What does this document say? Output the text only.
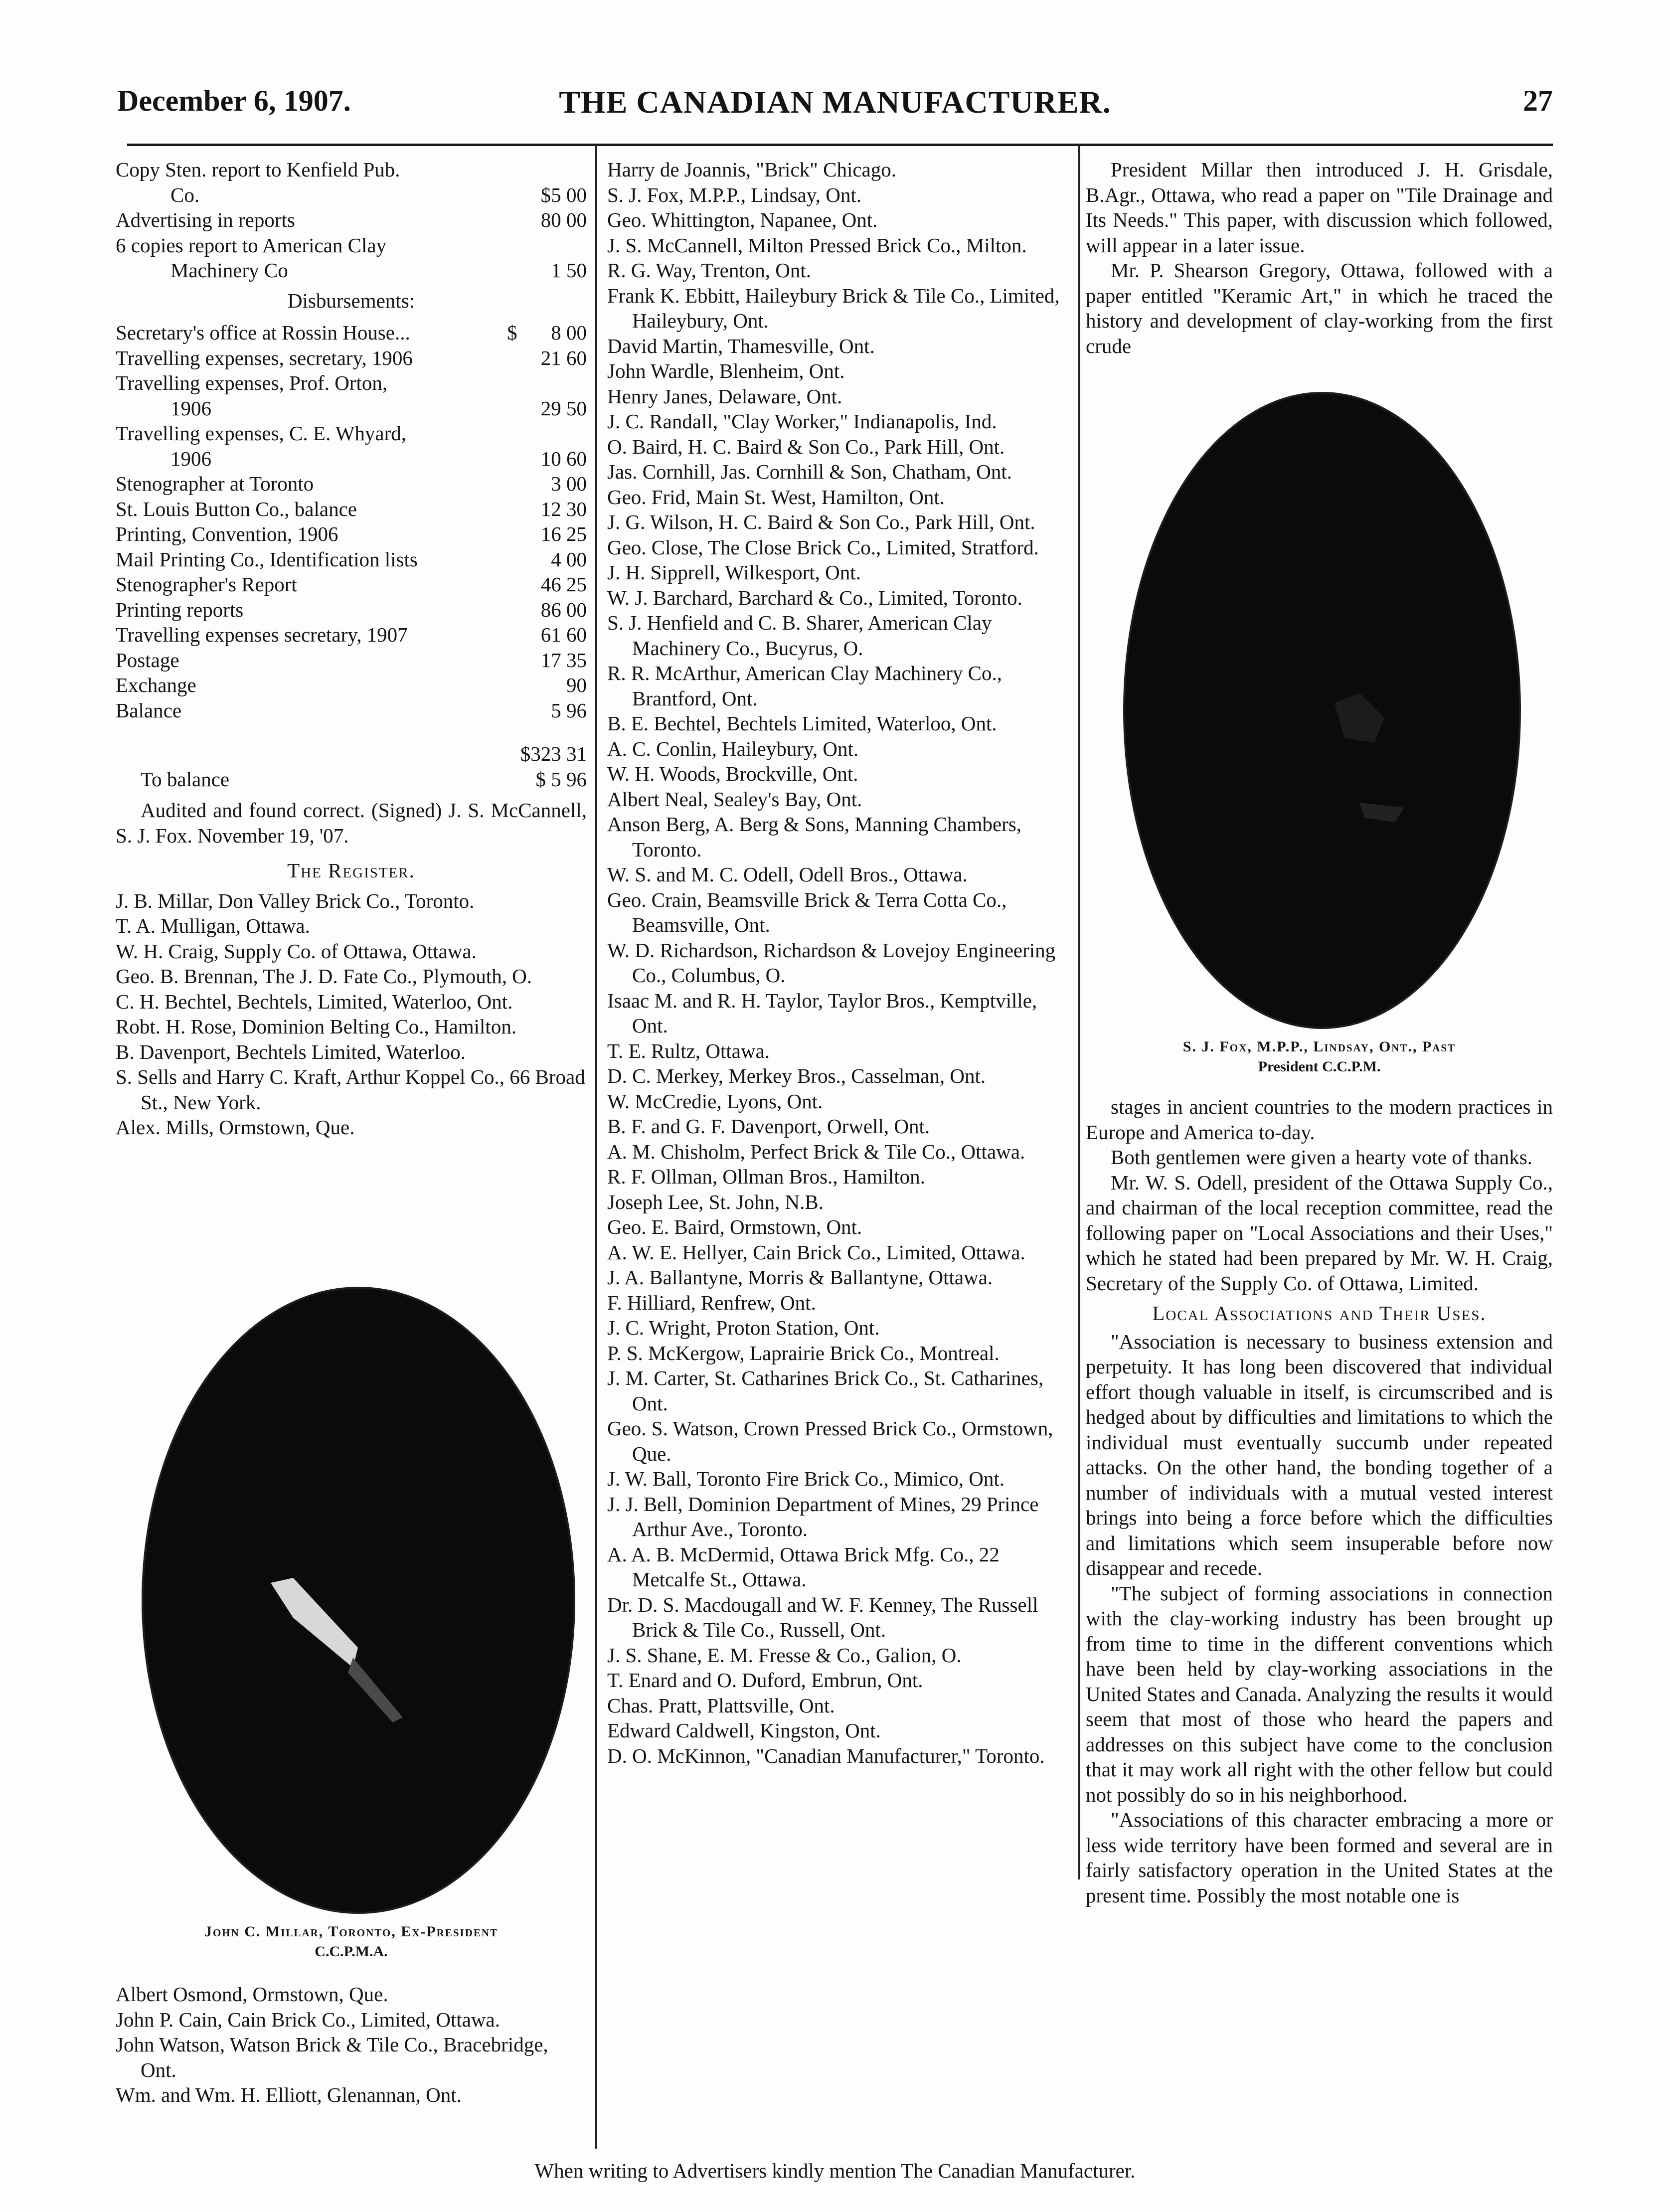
December 6, 1907.	THE CANADIAN MANUFACTURER.	27
Copy Sten. report to Kenfield Pub.
Co.	$5 00
Advertising in reports	80 00
6 copies report to American Clay
Machinery Co	1 50

Disbursements:

Secretary's office at Rossin House...	$	8 00
Travelling expenses, secretary, 1906	21 60
Travelling expenses, Prof. Orton,
1906	29 50
Travelling expenses, C. E. Whyard,
1906	10 60
Stenographer at Toronto	3 00
St. Louis Button Co., balance	12 30
Printing, Convention, 1906	16 25
Mail Printing Co., Identification lists	4 00
Stenographer's Report	46 25
Printing reports	86 00
Travelling expenses secretary, 1907	61 60
Postage	17 35
Exchange	90
Balance	5 96
$323 31
To balance	$ 5 96

Audited and found correct. (Signed) J. S. McCannell, S. J. Fox. November 19, '07.

The Register.

J. B. Millar, Don Valley Brick Co., Toronto.

T. A. Mulligan, Ottawa.

W. H. Craig, Supply Co. of Ottawa, Ottawa.

Geo. B. Brennan, The J. D. Fate Co., Plymouth, O.

C. H. Bechtel, Bechtels, Limited, Waterloo, Ont.

Robt. H. Rose, Dominion Belting Co., Hamilton.

B. Davenport, Bechtels Limited, Waterloo.

S. Sells and Harry C. Kraft, Arthur Koppel Co., 66 Broad St., New York.

Alex. Mills, Ormstown, Que.

John C. Millar, Toronto, Ex-President
C.C.P.M.A.

Albert Osmond, Ormstown, Que.

John P. Cain, Cain Brick Co., Limited, Ottawa.

John Watson, Watson Brick & Tile Co., Bracebridge, Ont.

Wm. and Wm. H. Elliott, Glenannan, Ont.

Harry de Joannis, "Brick" Chicago.

S. J. Fox, M.P.P., Lindsay, Ont.

Geo. Whittington, Napanee, Ont.

J. S. McCannell, Milton Pressed Brick Co., Milton.

R. G. Way, Trenton, Ont.

Frank K. Ebbitt, Haileybury Brick & Tile Co., Limited, Haileybury, Ont.

David Martin, Thamesville, Ont.

John Wardle, Blenheim, Ont.

Henry Janes, Delaware, Ont.

J. C. Randall, "Clay Worker," Indianapolis, Ind.

O. Baird, H. C. Baird & Son Co., Park Hill, Ont.

Jas. Cornhill, Jas. Cornhill & Son, Chatham, Ont.

Geo. Frid, Main St. West, Hamilton, Ont.

J. G. Wilson, H. C. Baird & Son Co., Park Hill, Ont.

Geo. Close, The Close Brick Co., Limited, Stratford.

J. H. Sipprell, Wilkesport, Ont.

W. J. Barchard, Barchard & Co., Limited, Toronto.

S. J. Henfield and C. B. Sharer, American Clay Machinery Co., Bucyrus, O.

R. R. McArthur, American Clay Machinery Co., Brantford, Ont.

B. E. Bechtel, Bechtels Limited, Waterloo, Ont.

A. C. Conlin, Haileybury, Ont.

W. H. Woods, Brockville, Ont.

Albert Neal, Sealey's Bay, Ont.

Anson Berg, A. Berg & Sons, Manning Chambers, Toronto.

W. S. and M. C. Odell, Odell Bros., Ottawa.

Geo. Crain, Beamsville Brick & Terra Cotta Co., Beamsville, Ont.

W. D. Richardson, Richardson & Lovejoy Engineering Co., Columbus, O.

Isaac M. and R. H. Taylor, Taylor Bros., Kemptville, Ont.

T. E. Rultz, Ottawa.

D. C. Merkey, Merkey Bros., Casselman, Ont.

W. McCredie, Lyons, Ont.

B. F. and G. F. Davenport, Orwell, Ont.

A. M. Chisholm, Perfect Brick & Tile Co., Ottawa.

R. F. Ollman, Ollman Bros., Hamilton.

Joseph Lee, St. John, N.B.

Geo. E. Baird, Ormstown, Ont.

A. W. E. Hellyer, Cain Brick Co., Limited, Ottawa.

J. A. Ballantyne, Morris & Ballantyne, Ottawa.

F. Hilliard, Renfrew, Ont.

J. C. Wright, Proton Station, Ont.

P. S. McKergow, Laprairie Brick Co., Montreal.

J. M. Carter, St. Catharines Brick Co., St. Catharines, Ont.

Geo. S. Watson, Crown Pressed Brick Co., Ormstown, Que.

J. W. Ball, Toronto Fire Brick Co., Mimico, Ont.

J. J. Bell, Dominion Department of Mines, 29 Prince Arthur Ave., Toronto.

A. A. B. McDermid, Ottawa Brick Mfg. Co., 22 Metcalfe St., Ottawa.

Dr. D. S. Macdougall and W. F. Kenney, The Russell Brick & Tile Co., Russell, Ont.

J. S. Shane, E. M. Fresse & Co., Galion, O.

T. Enard and O. Duford, Embrun, Ont.

Chas. Pratt, Plattsville, Ont.

Edward Caldwell, Kingston, Ont.

D. O. McKinnon, "Canadian Manufacturer," Toronto.

President Millar then introduced J. H. Grisdale, B.Agr., Ottawa, who read a paper on "Tile Drainage and Its Needs." This paper, with discussion which followed, will appear in a later issue.

Mr. P. Shearson Gregory, Ottawa, followed with a paper entitled "Keramic Art," in which he traced the history and development of clay-working from the first crude

S. J. Fox, M.P.P., Lindsay, Ont., Past
President C.C.P.M.

stages in ancient countries to the modern practices in Europe and America to-day.

Both gentlemen were given a hearty vote of thanks.

Mr. W. S. Odell, president of the Ottawa Supply Co., and chairman of the local reception committee, read the following paper on "Local Associations and their Uses," which he stated had been prepared by Mr. W. H. Craig, Secretary of the Supply Co. of Ottawa, Limited.

Local Associations and Their Uses.

"Association is necessary to business extension and perpetuity. It has long been discovered that individual effort though valuable in itself, is circumscribed and is hedged about by difficulties and limitations to which the individual must eventually succumb under repeated attacks. On the other hand, the bonding together of a number of individuals with a mutual vested interest brings into being a force before which the difficulties and limitations which seem insuperable before now disappear and recede.

"The subject of forming associations in connection with the clay-working industry has been brought up from time to time in the different conventions which have been held by clay-working associations in the United States and Canada. Analyzing the results it would seem that most of those who heard the papers and addresses on this subject have come to the conclusion that it may work all right with the other fellow but could not possibly do so in his neighborhood.

"Associations of this character embracing a more or less wide territory have been formed and several are in fairly satisfactory operation in the United States at the present time. Possibly the most notable one is

When writing to Advertisers kindly mention The Canadian Manufacturer.
